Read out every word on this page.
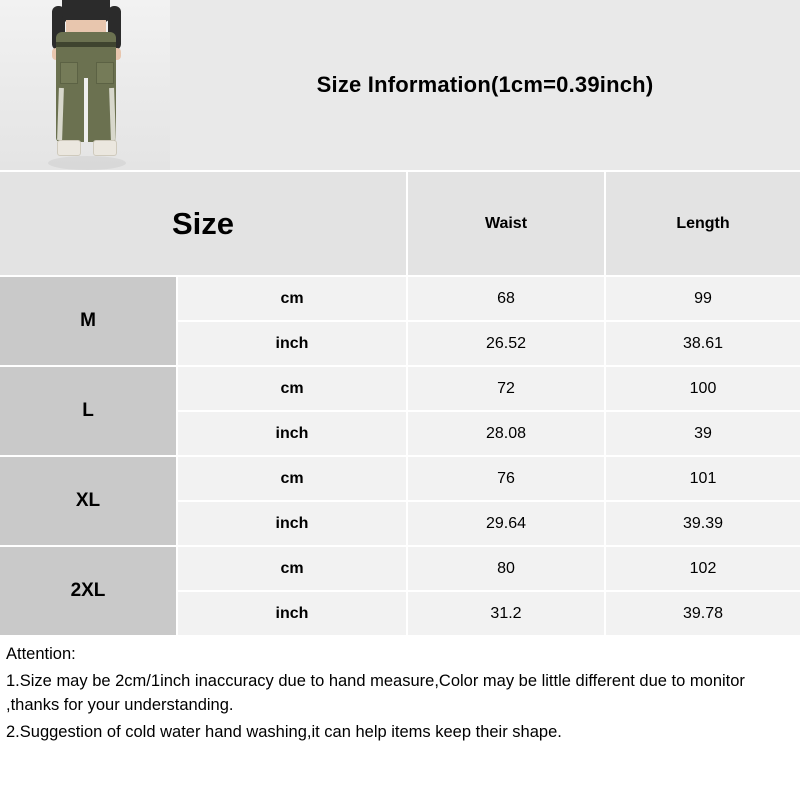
Size Information(1cm=0.39inch)
Size	Waist	Length
M
cm	68	99
inch	26.52	38.61
L
cm	72	100
inch	28.08	39
XL
cm	76	101
inch	29.64	39.39
2XL
cm	80	102
inch	31.2	39.78

Attention:

1.Size may be 2cm/1inch inaccuracy due to hand measure,Color may be little different due to monitor ,thanks for your understanding.

2.Suggestion of cold water hand washing,it can help items keep their shape.
